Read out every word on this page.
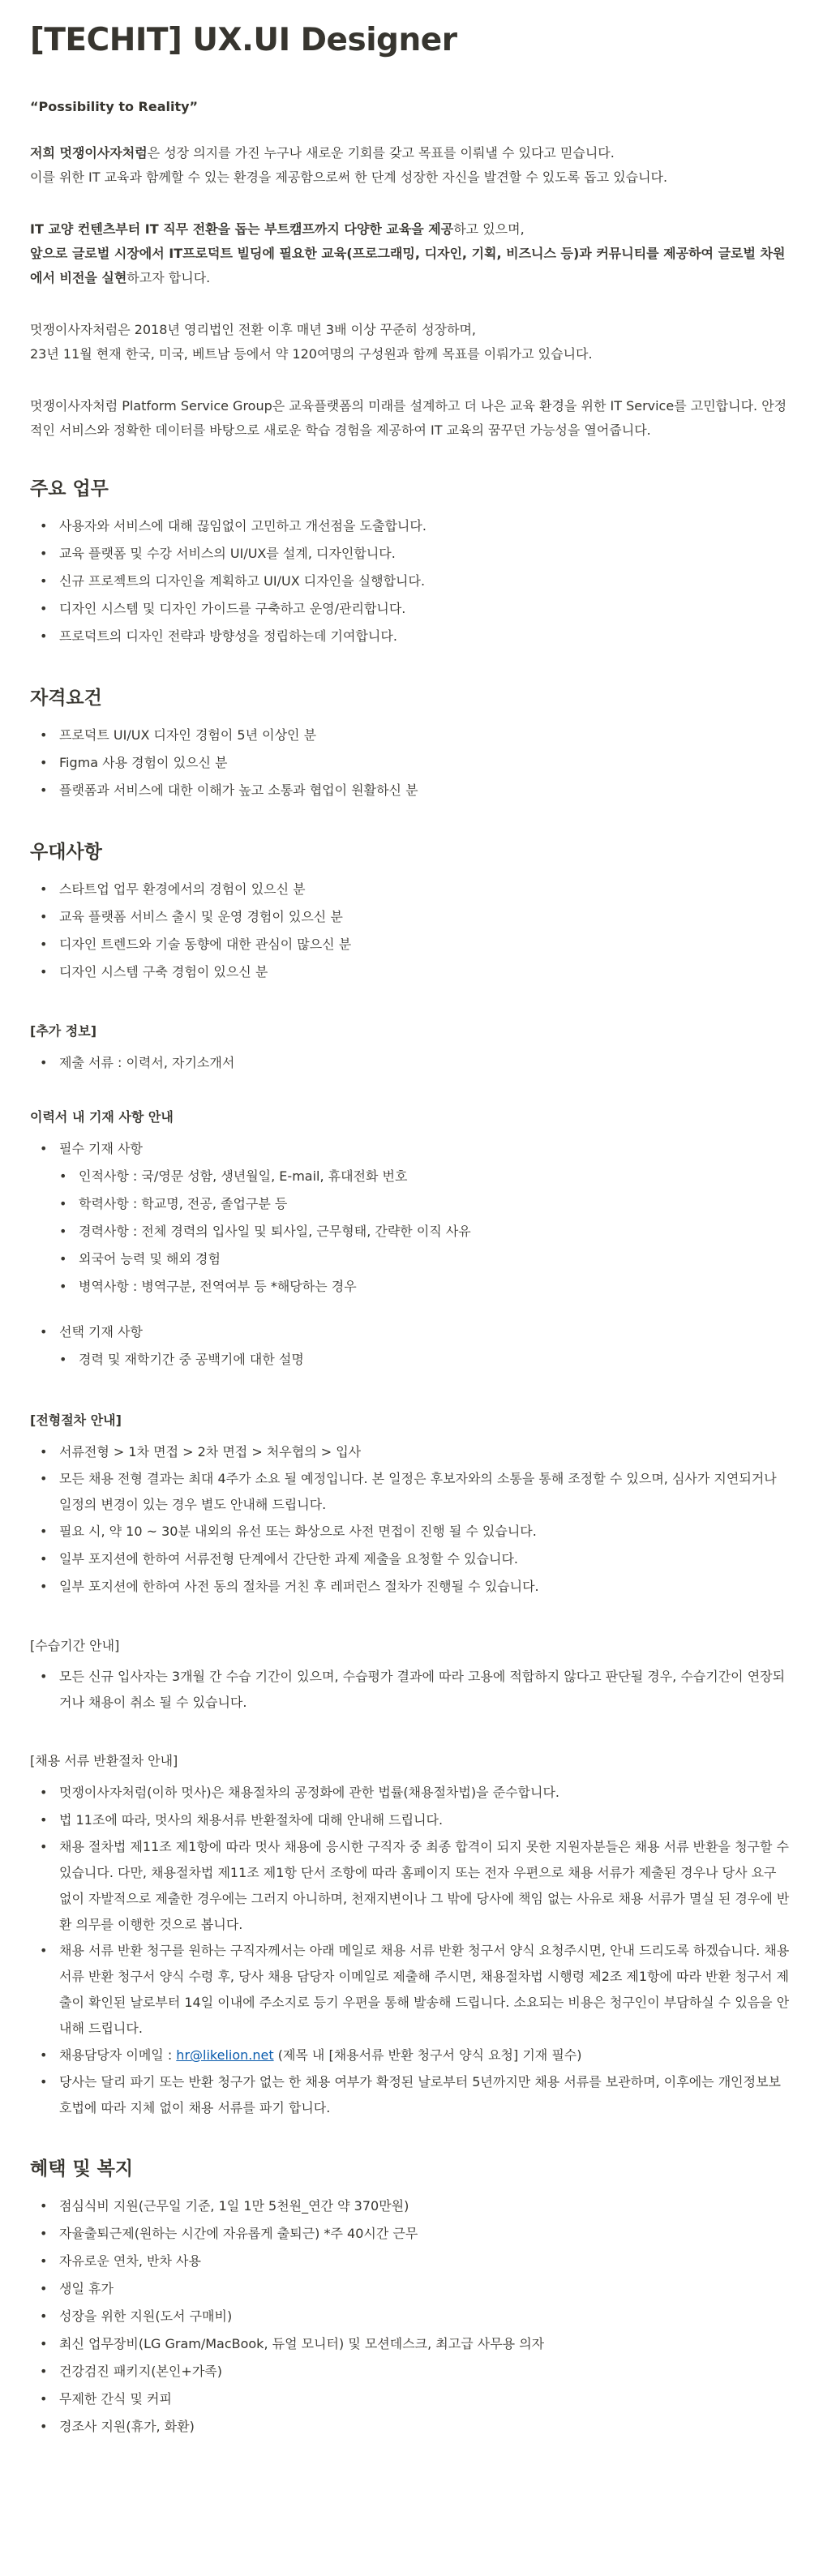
[TECHIT] UX.UI Designer
“Possibility to Reality”
저희 멋쟁이사자처럼은 성장 의지를 가진 누구나 새로운 기회를 갖고 목표를 이뤄낼 수 있다고 믿습니다.
이를 위한 IT 교육과 함께할 수 있는 환경을 제공함으로써 한 단계 성장한 자신을 발견할 수 있도록 돕고 있습니다.
IT 교양 컨텐츠부터 IT 직무 전환을 돕는 부트캠프까지 다양한 교육을 제공하고 있으며,
앞으로 글로벌 시장에서 IT프로덕트 빌딩에 필요한 교육(프로그래밍, 디자인, 기획, 비즈니스 등)과 커뮤니티를 제공하여 글로벌 차원에서 비전을 실현하고자 합니다.
멋쟁이사자처럼은 2018년 영리법인 전환 이후 매년 3배 이상 꾸준히 성장하며,
23년 11월 현재 한국, 미국, 베트남 등에서 약 120여명의 구성원과 함께 목표를 이뤄가고 있습니다.
멋쟁이사자처럼 Platform Service Group은 교육플랫폼의 미래를 설계하고 더 나은 교육 환경을 위한 IT Service를 고민합니다. 안정적인 서비스와 정확한 데이터를 바탕으로 새로운 학습 경험을 제공하여 IT 교육의 꿈꾸던 가능성을 열어줍니다.
주요 업무
• 사용자와 서비스에 대해 끊임없이 고민하고 개선점을 도출합니다.
• 교육 플랫폼 및 수강 서비스의 UI/UX를 설계, 디자인합니다.
• 신규 프로젝트의 디자인을 계획하고 UI/UX 디자인을 실행합니다.
• 디자인 시스템 및 디자인 가이드를 구축하고 운영/관리합니다.
• 프로덕트의 디자인 전략과 방향성을 정립하는데 기여합니다.
자격요건
• 프로덕트 UI/UX 디자인 경험이 5년 이상인 분
• Figma 사용 경험이 있으신 분
• 플랫폼과 서비스에 대한 이해가 높고 소통과 협업이 원활하신 분
우대사항
• 스타트업 업무 환경에서의 경험이 있으신 분
• 교육 플랫폼 서비스 출시 및 운영 경험이 있으신 분
• 디자인 트렌드와 기술 동향에 대한 관심이 많으신 분
• 디자인 시스템 구축 경험이 있으신 분
[추가 정보]
• 제출 서류 : 이력서, 자기소개서
이력서 내 기재 사항 안내
• 필수 기재 사항
• 인적사항 : 국/영문 성함, 생년월일, E-mail, 휴대전화 번호
• 학력사항 : 학교명, 전공, 졸업구분 등
• 경력사항 : 전체 경력의 입사일 및 퇴사일, 근무형태, 간략한 이직 사유
• 외국어 능력 및 해외 경험
• 병역사항 : 병역구분, 전역여부 등 *해당하는 경우
• 선택 기재 사항
• 경력 및 재학기간 중 공백기에 대한 설명
[전형절차 안내]
• 서류전형 > 1차 면접 > 2차 면접 > 처우협의 > 입사
• 모든 채용 전형 결과는 최대 4주가 소요 될 예정입니다. 본 일정은 후보자와의 소통을 통해 조정할 수 있으며, 심사가 지연되거나 일정의 변경이 있는 경우 별도 안내해 드립니다.
• 필요 시, 약 10 ~ 30분 내외의 유선 또는 화상으로 사전 면접이 진행 될 수 있습니다.
• 일부 포지션에 한하여 서류전형 단계에서 간단한 과제 제출을 요청할 수 있습니다.
• 일부 포지션에 한하여 사전 동의 절차를 거친 후 레퍼런스 절차가 진행될 수 있습니다.
[수습기간 안내]
• 모든 신규 입사자는 3개월 간 수습 기간이 있으며, 수습평가 결과에 따라 고용에 적합하지 않다고 판단될 경우, 수습기간이 연장되거나 채용이 취소 될 수 있습니다.
[채용 서류 반환절차 안내]
• 멋쟁이사자처럼(이하 멋사)은 채용절차의 공정화에 관한 법률(채용절차법)을 준수합니다.
• 법 11조에 따라, 멋사의 채용서류 반환절차에 대해 안내해 드립니다.
• 채용 절차법 제11조 제1항에 따라 멋사 채용에 응시한 구직자 중 최종 합격이 되지 못한 지원자분들은 채용 서류 반환을 청구할 수 있습니다. 다만, 채용절차법 제11조 제1항 단서 조항에 따라 홈페이지 또는 전자 우편으로 채용 서류가 제출된 경우나 당사 요구 없이 자발적으로 제출한 경우에는 그러지 아니하며, 천재지변이나 그 밖에 당사에 책임 없는 사유로 채용 서류가 멸실 된 경우에 반환 의무를 이행한 것으로 봅니다.
• 채용 서류 반환 청구를 원하는 구직자께서는 아래 메일로 채용 서류 반환 청구서 양식 요청주시면, 안내 드리도록 하겠습니다. 채용 서류 반환 청구서 양식 수령 후, 당사 채용 담당자 이메일로 제출해 주시면, 채용절차법 시행령 제2조 제1항에 따라 반환 청구서 제출이 확인된 날로부터 14일 이내에 주소지로 등기 우편을 통해 발송해 드립니다. 소요되는 비용은 청구인이 부담하실 수 있음을 안내해 드립니다.
• 채용담당자 이메일 : hr@likelion.net (제목 내 [채용서류 반환 청구서 양식 요청] 기재 필수)
• 당사는 달리 파기 또는 반환 청구가 없는 한 채용 여부가 확정된 날로부터 5년까지만 채용 서류를 보관하며, 이후에는 개인정보보호법에 따라 지체 없이 채용 서류를 파기 합니다.
혜택 및 복지
• 점심식비 지원(근무일 기준, 1일 1만 5천원_연간 약 370만원)
• 자율출퇴근제(원하는 시간에 자유롭게 출퇴근) *주 40시간 근무
• 자유로운 연차, 반차 사용
• 생일 휴가
• 성장을 위한 지원(도서 구매비)
• 최신 업무장비(LG Gram/MacBook, 듀얼 모니터) 및 모션데스크, 최고급 사무용 의자
• 건강검진 패키지(본인+가족)
• 무제한 간식 및 커피
• 경조사 지원(휴가, 화환)
